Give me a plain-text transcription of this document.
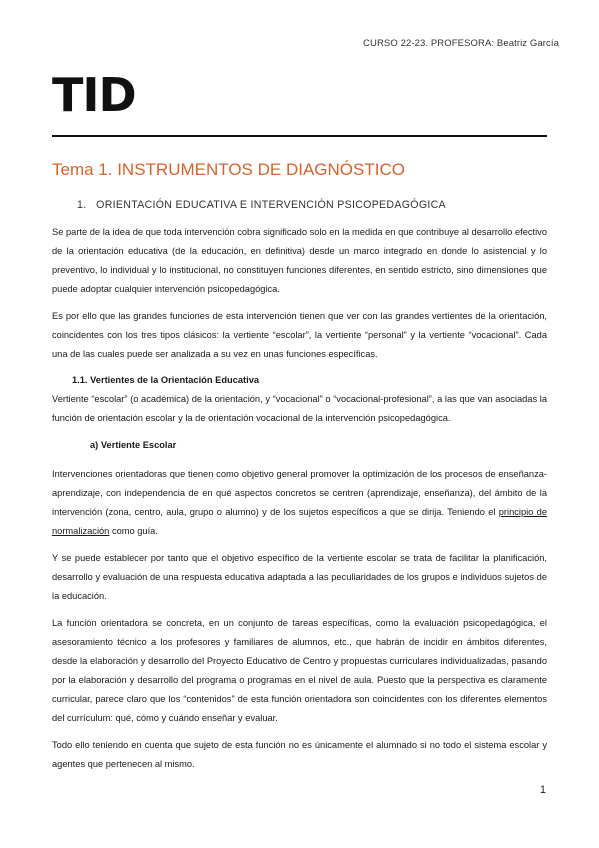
CURSO 22-23. PROFESORA: Beatriz García
TID
Tema 1. INSTRUMENTOS DE DIAGNÓSTICO
1. ORIENTACIÓN EDUCATIVA E INTERVENCIÓN PSICOPEDAGÓGICA

Se parte de la idea de que toda intervención cobra significado solo en la medida en que contribuye al desarrollo efectivo de la orientación educativa (de la educación, en definitiva) desde un marco integrado en donde lo asistencial y lo preventivo, lo individual y lo institucional, no constituyen funciones diferentes, en sentido estricto, sino dimensiones que puede adoptar cualquier intervención psicopedagógica.

Es por ello que las grandes funciones de esta intervención tienen que ver con las grandes vertientes de la orientación, coincidentes con los tres tipos clásicos: la vertiente “escolar”, la vertiente “personal” y la vertiente “vocacional”. Cada una de las cuales puede ser analizada a su vez en unas funciones específicas.

1.1. Vertientes de la Orientación Educativa

Vertiente “escolar” (o académica) de la orientación, y “vocacional” o “vocacional-profesional”, a las que van asociadas la función de orientación escolar y la de orientación vocacional de la intervención psicopedagógica.

a) Vertiente Escolar

Intervenciones orientadoras que tienen como objetivo general promover la optimización de los procesos de enseñanza-aprendizaje, con independencia de en qué aspectos concretos se centren (aprendizaje, enseñanza), del ámbito de la intervención (zona, centro, aula, grupo o alumno) y de los sujetos específicos a que se dirija. Teniendo el principio de normalización como guía.

Y se puede establecer por tanto que el objetivo específico de la vertiente escolar se trata de facilitar la planificación, desarrollo y evaluación de una respuesta educativa adaptada a las peculiaridades de los grupos e individuos sujetos de la educación.

La función orientadora se concreta, en un conjunto de tareas específicas, como la evaluación psicopedagógica, el asesoramiento técnico a los profesores y familiares de alumnos, etc., que habrán de incidir en ámbitos diferentes, desde la elaboración y desarrollo del Proyecto Educativo de Centro y propuestas curriculares individualizadas, pasando por la elaboración y desarrollo del programa o programas en el nivel de aula. Puesto que la perspectiva es claramente curricular, parece claro que los “contenidos” de esta función orientadora son coincidentes con los diferentes elementos del currículum: qué, cómo y cuándo enseñar y evaluar.

Todo ello teniendo en cuenta que sujeto de esta función no es únicamente el alumnado si no todo el sistema escolar y agentes que pertenecen al mismo.

1
